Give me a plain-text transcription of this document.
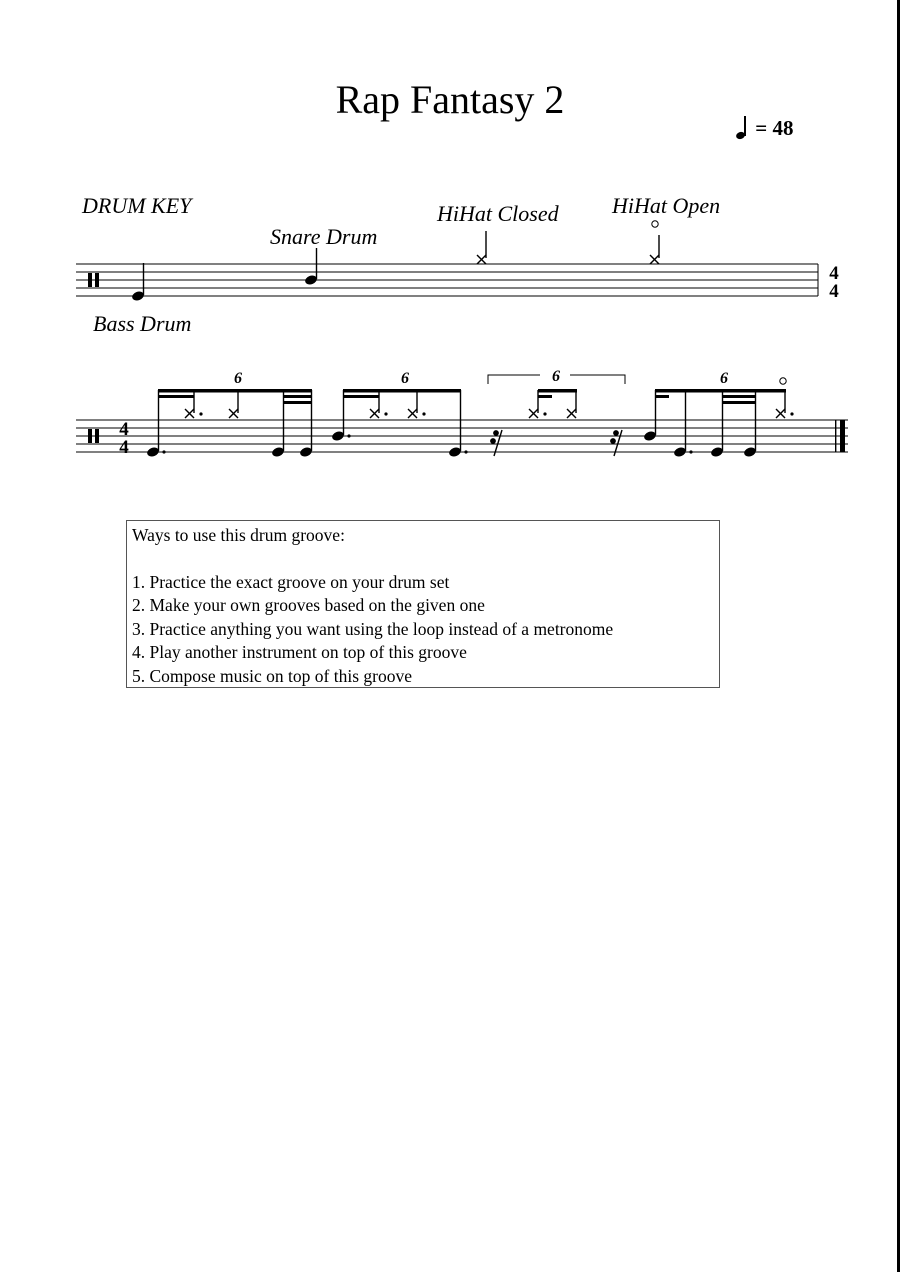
Rap Fantasy 2
= 48
DRUM KEY
Snare Drum
HiHat Closed HiHat Open
Bass Drum
4
4
4
4
6	6	6	6

Ways to use this drum groove:

1. Practice the exact groove on your drum set

2. Make your own grooves based on the given one

3. Practice anything you want using the loop instead of a metronome

4. Play another instrument on top of this groove

5. Compose music on top of this groove
